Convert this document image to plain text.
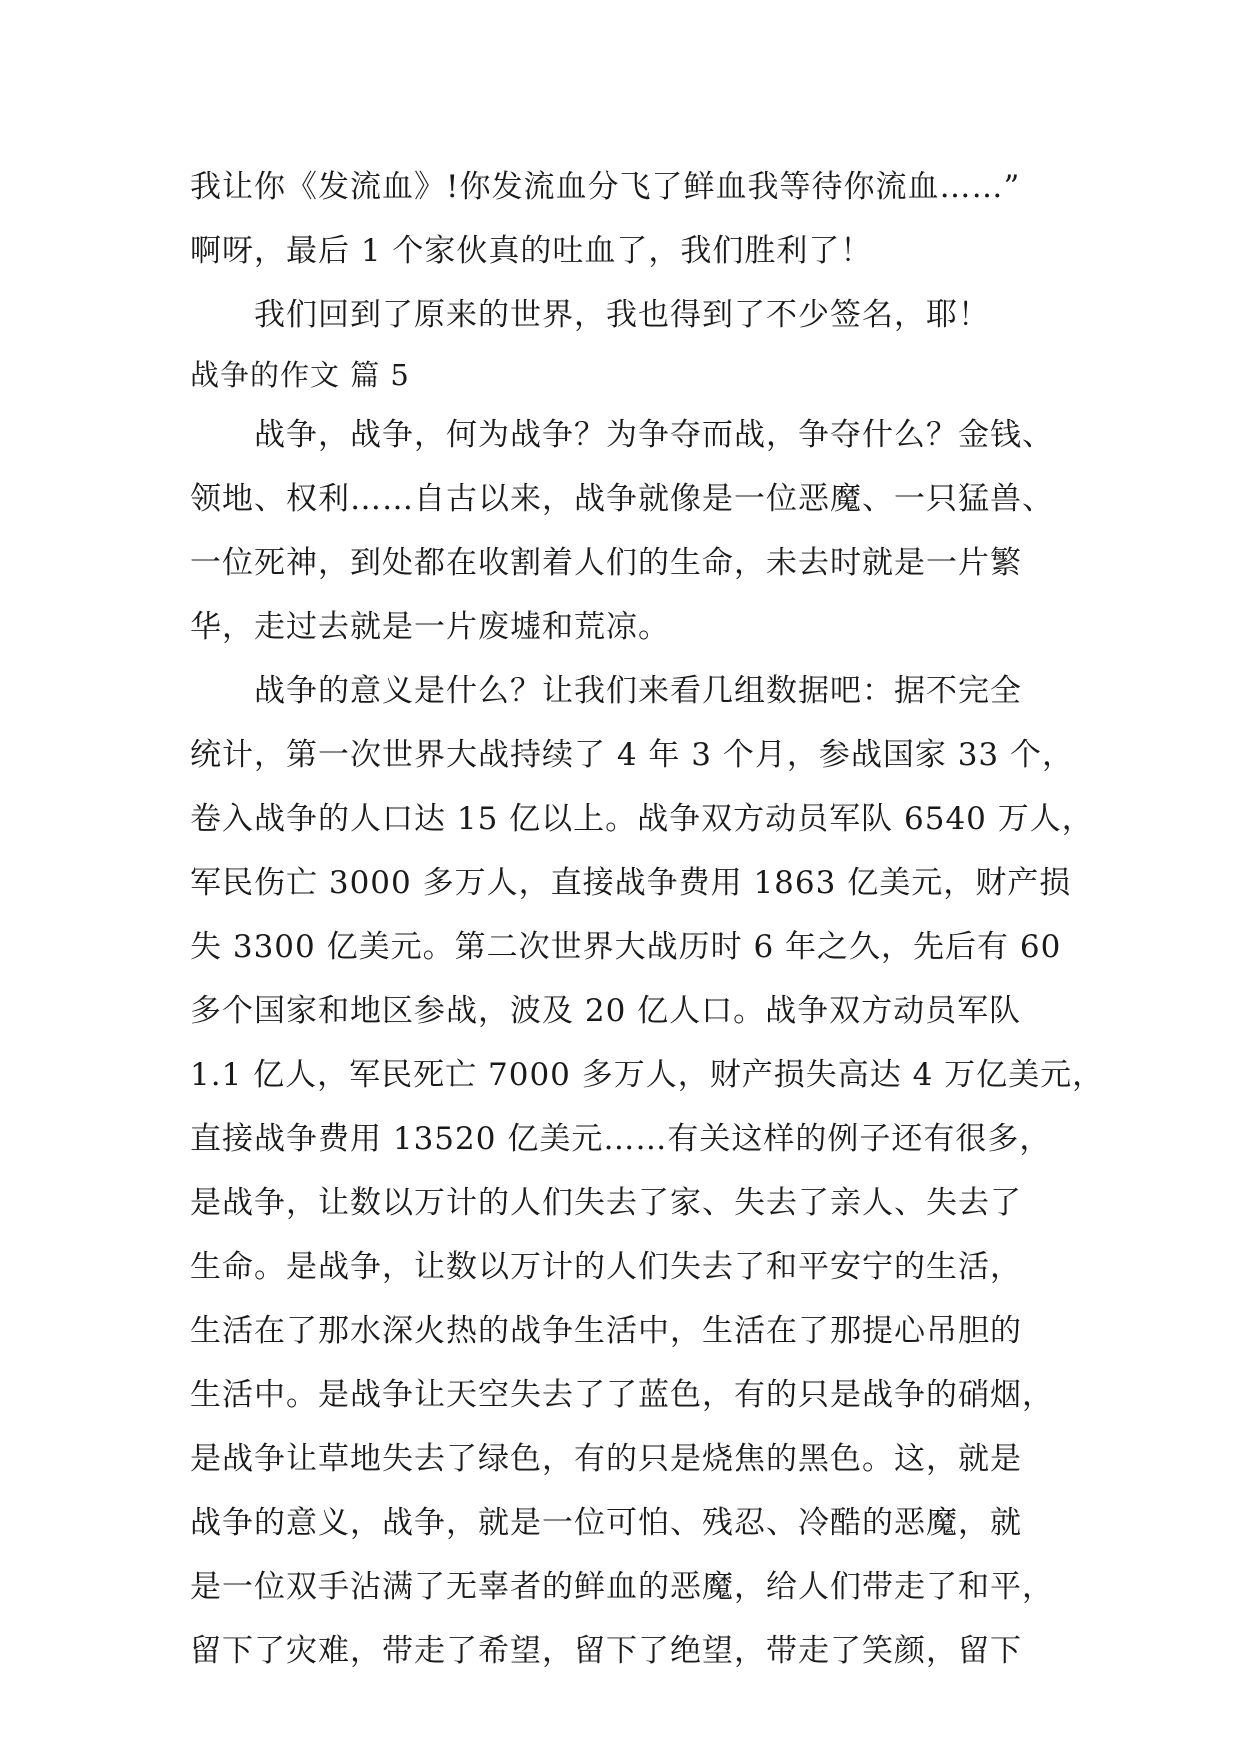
我让你《发流血》!你发流血分飞了鲜血我等待你流血……”
啊呀，最后 1 个家伙真的吐血了，我们胜利了！
我们回到了原来的世界，我也得到了不少签名，耶！
战争的作文 篇 5
战争，战争，何为战争？为争夺而战，争夺什么？金钱、
领地、权利……自古以来，战争就像是一位恶魔、一只猛兽、
一位死神，到处都在收割着人们的生命，未去时就是一片繁
华，走过去就是一片废墟和荒凉。
战争的意义是什么？让我们来看几组数据吧：据不完全
统计，第一次世界大战持续了 4 年 3 个月，参战国家 33 个，
卷入战争的人口达 15 亿以上。战争双方动员军队 6540 万人，
军民伤亡 3000 多万人，直接战争费用 1863 亿美元，财产损
失 3300 亿美元。第二次世界大战历时 6 年之久，先后有 60
多个国家和地区参战，波及 20 亿人口。战争双方动员军队
1.1 亿人，军民死亡 7000 多万人，财产损失高达 4 万亿美元，
直接战争费用 13520 亿美元……有关这样的例子还有很多，
是战争，让数以万计的人们失去了家、失去了亲人、失去了
生命。是战争，让数以万计的人们失去了和平安宁的生活，
生活在了那水深火热的战争生活中，生活在了那提心吊胆的
生活中。是战争让天空失去了了蓝色，有的只是战争的硝烟，
是战争让草地失去了绿色，有的只是烧焦的黑色。这，就是
战争的意义，战争，就是一位可怕、残忍、冷酷的恶魔，就
是一位双手沾满了无辜者的鲜血的恶魔，给人们带走了和平，
留下了灾难，带走了希望，留下了绝望，带走了笑颜，留下
